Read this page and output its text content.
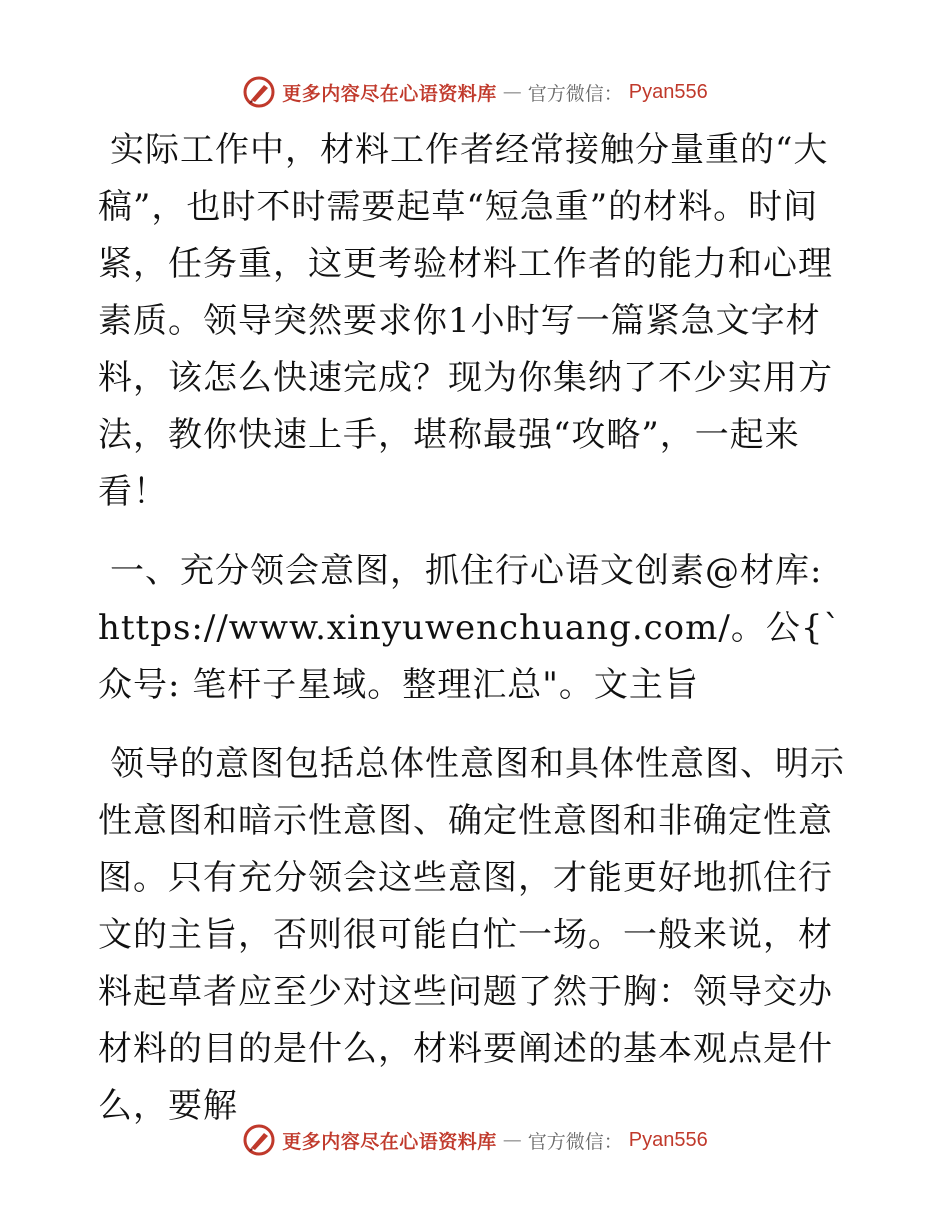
更多内容尽在心语资料库 — 官方微信： Pyan556

实际工作中，材料工作者经常接触分量重的“大稿”，也时不时需要起草“短急重”的材料。时间紧，任务重，这更考验材料工作者的能力和心理素质。领导突然要求你1小时写一篇紧急文字材料，该怎么快速完成？现为你集纳了不少实用方法，教你快速上手，堪称最强“攻略”，一起来看！

一、充分领会意图，抓住行心语文创素@材库: https://www.xinyuwenchuang.com/。公{`众号: 笔杆子星域。整理汇总"。文主旨

领导的意图包括总体性意图和具体性意图、明示性意图和暗示性意图、确定性意图和非确定性意图。只有充分领会这些意图，才能更好地抓住行文的主旨，否则很可能白忙一场。一般来说，材料起草者应至少对这些问题了然于胸：领导交办材料的目的是什么，材料要阐述的基本观点是什么，要解

更多内容尽在心语资料库 — 官方微信： Pyan556
